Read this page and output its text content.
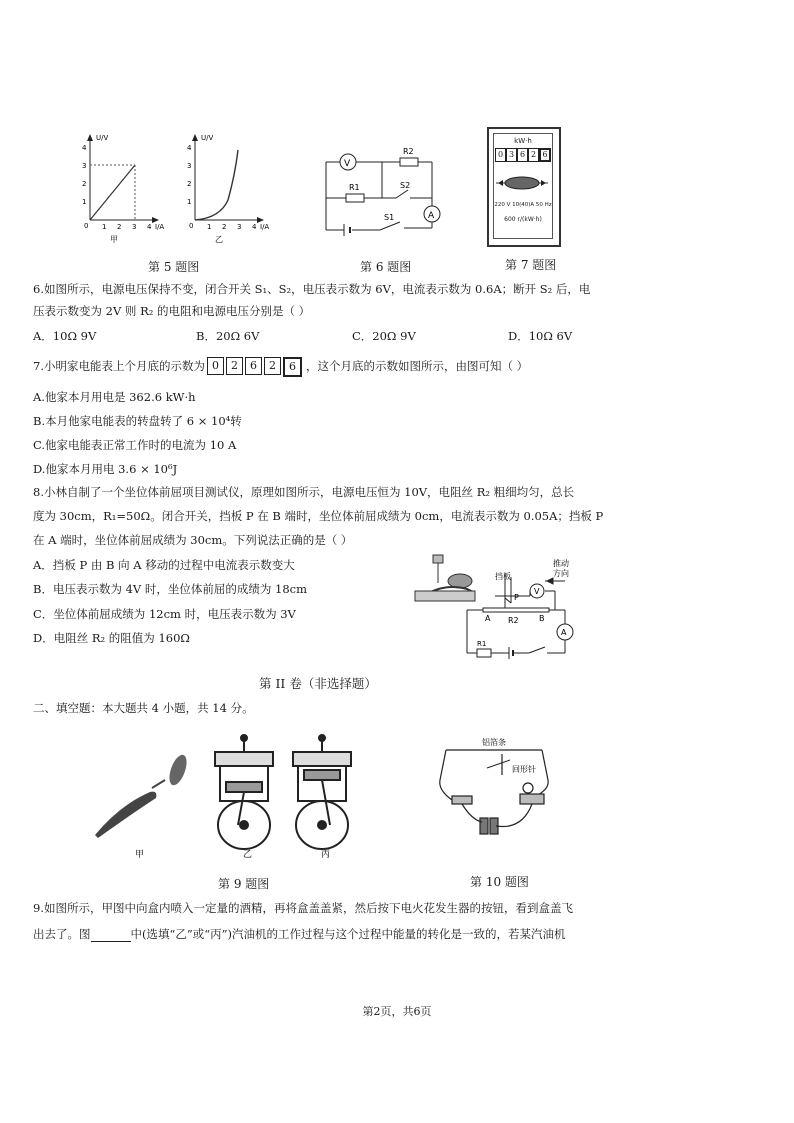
U/V
I/A
0 1 2 3 4
1
2
3
4
甲
U/V
I/A
0 1 2 3 4
1
2
3
4
乙
第 5 题图
V
A
R2
R1	S2
S1
第 6 题图
kW·h
0 3 6 2 6
220 V 10(40)A 50 Hz
600 r/(kW·h)
第 7 题图
6.如图所示，电源电压保持不变，闭合开关 S₁、S₂，电压表示数为 6V，电流表示数为 0.6A；断开 S₂ 后，电
压表示数变为 2V 则 R₂ 的电阻和电源电压分别是（ ）
A．10Ω 9V	B．20Ω 6V	C．20Ω 9V	D．10Ω 6V
7.小明家电能表上个月底的示数为 0	2	6	2	6 ，这个月底的示数如图所示，由图可知（ ）
A.他家本月用电是 362.6 kW·h
B.本月他家电能表的转盘转了 6 × 10⁴转
C.他家电能表正常工作时的电流为 10 A
D.他家本月用电 3.6 × 10⁶J
8.小林自制了一个坐位体前屈项目测试仪，原理如图所示，电源电压恒为 10V，电阻丝 R₂ 粗细均匀，总长
度为 30cm，R₁=50Ω。闭合开关，挡板 P 在 B 端时，坐位体前屈成绩为 0cm，电流表示数为 0.05A；挡板 P
在 A 端时，坐位体前屈成绩为 30cm。下列说法正确的是（ ）
A．挡板 P 由 B 向 A 移动的过程中电流表示数变大
B．电压表示数为 4V 时，坐位体前屈的成绩为 18cm
C．坐位体前屈成绩为 12cm 时，电压表示数为 3V
D．电阻丝 R₂ 的阻值为 160Ω
V
A
推动
方向
挡板
P
A	B
R2
R1
第 II 卷（非选择题）
二、填空题：本大题共 4 小题，共 14 分。
甲	乙	丙
第 9 题图
铝箔条
回形针
第 10 题图
9.如图所示，甲图中向盒内喷入一定量的酒精，再将盒盖盖紧，然后按下电火花发生器的按钮，看到盒盖飞
出去了。图	中(选填“乙”或“丙”)汽油机的工作过程与这个过程中能量的转化是一致的，若某汽油机
第2页，共6页
